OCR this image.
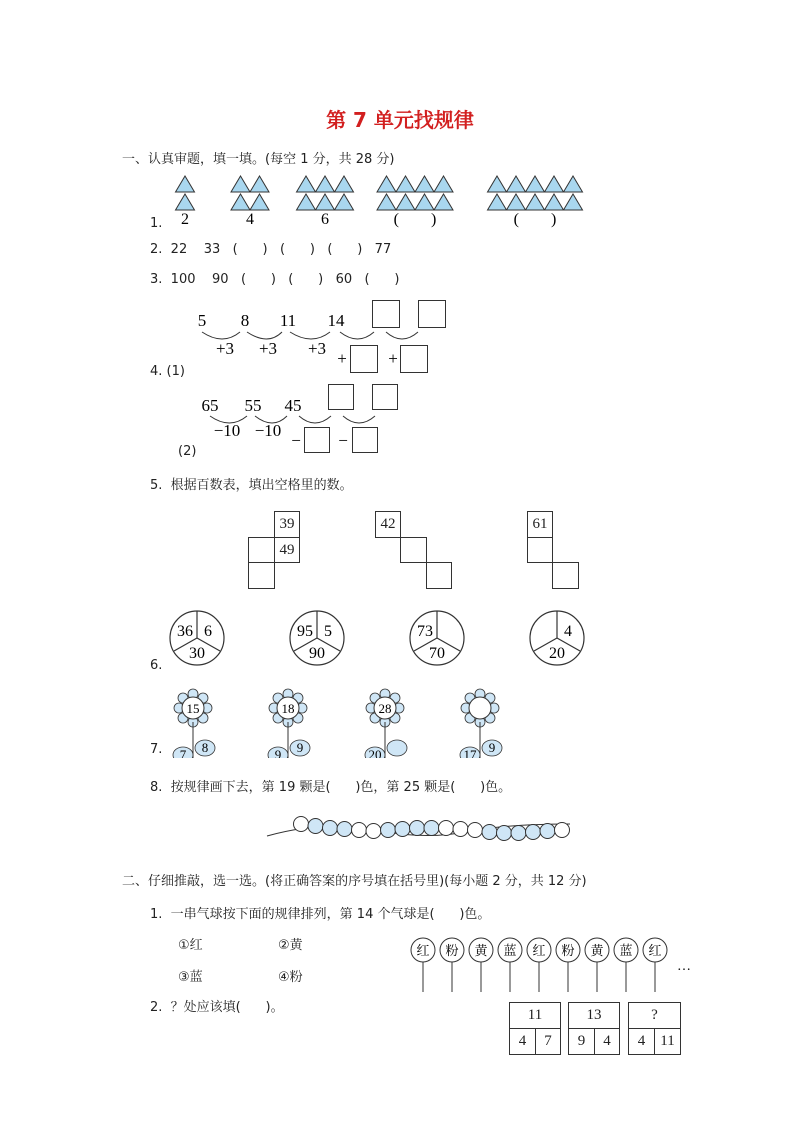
第 7 单元找规律
一、认真审题，填一填。(每空 1 分，共 28 分)
2	4	6	(　　)	(　　)
1.
2.  22    33   (      )   (      )   (      )   77
3.  100    90   (      )   (      )   60   (      )
5 8 11 14
+3 +3 +3
+ +
4. (1)
65 55 45
−10 −10
− −
(2)
5.  根据百数表，填出空格里的数。
39
49
42	61
36 6
30
95 5
90
73
70
4
20
6.
15
7 8
18
9 9
28
20	17 9
7.
8.  按规律画下去，第 19 颗是(      )色，第 25 颗是(      )色。
二、仔细推敲，选一选。(将正确答案的序号填在括号里)(每小题 2 分，共 12 分)
1.  一串气球按下面的规律排列，第 14 个气球是(      )色。
①红	②黄
③蓝	④粉
红 粉 黄 蓝 红 粉 黄 蓝 红
…
2.  ？处应该填(      )。	11
4	7
13
9	4
?
4	11
